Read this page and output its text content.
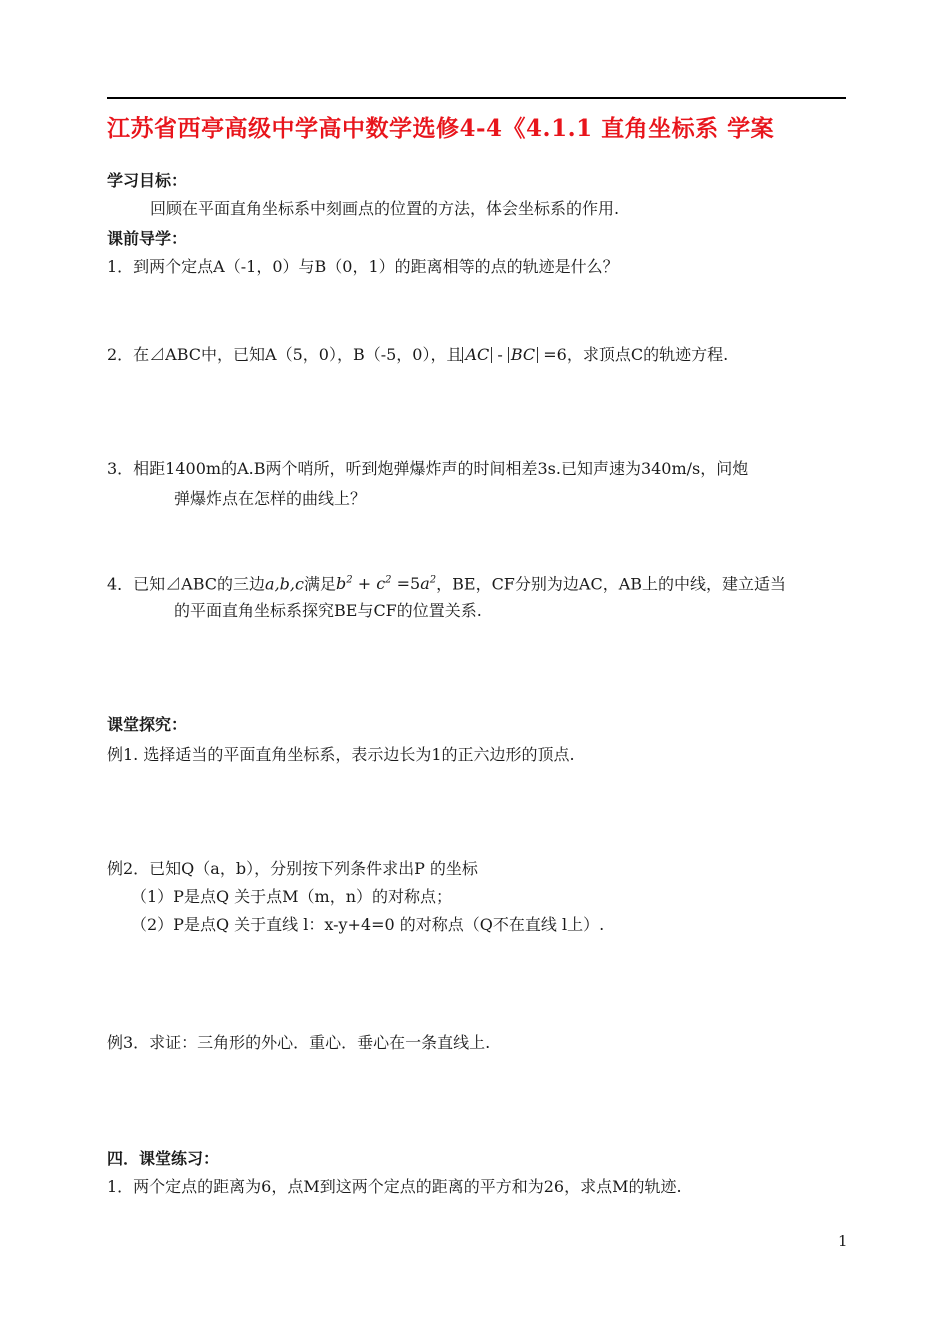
江苏省西亭高级中学高中数学选修4-4《4.1.1 直角坐标系 学案
学习目标：
回顾在平面直角坐标系中刻画点的位置的方法，体会坐标系的作用.
课前导学：
1．到两个定点A（-1，0）与B（0，1）的距离相等的点的轨迹是什么？
2．在⊿ABC中，已知A（5，0），B（-5，0），且 AC - BC =6，求顶点C的轨迹方程.
3．相距1400m的A.B两个哨所，听到炮弹爆炸声的时间相差3s.已知声速为340m/s，问炮
弹爆炸点在怎样的曲线上？
4．已知⊿ABC的三边a,b,c满足$b^2 + c^2 =5a^2$，BE，CF分别为边AC，AB上的中线，建立适当
的平面直角坐标系探究BE与CF的位置关系.
课堂探究：
例1. 选择适当的平面直角坐标系，表示边长为1的正六边形的顶点.
例2．已知Q（a，b），分别按下列条件求出P 的坐标
（1）P是点Q 关于点M（m，n）的对称点；
（2）P是点Q 关于直线 l：x-y+4=0 的对称点（Q不在直线 l上）.
例3．求证：三角形的外心．重心．垂心在一条直线上.
四．课堂练习：
1．两个定点的距离为6，点M到这两个定点的距离的平方和为26，求点M的轨迹.
1
